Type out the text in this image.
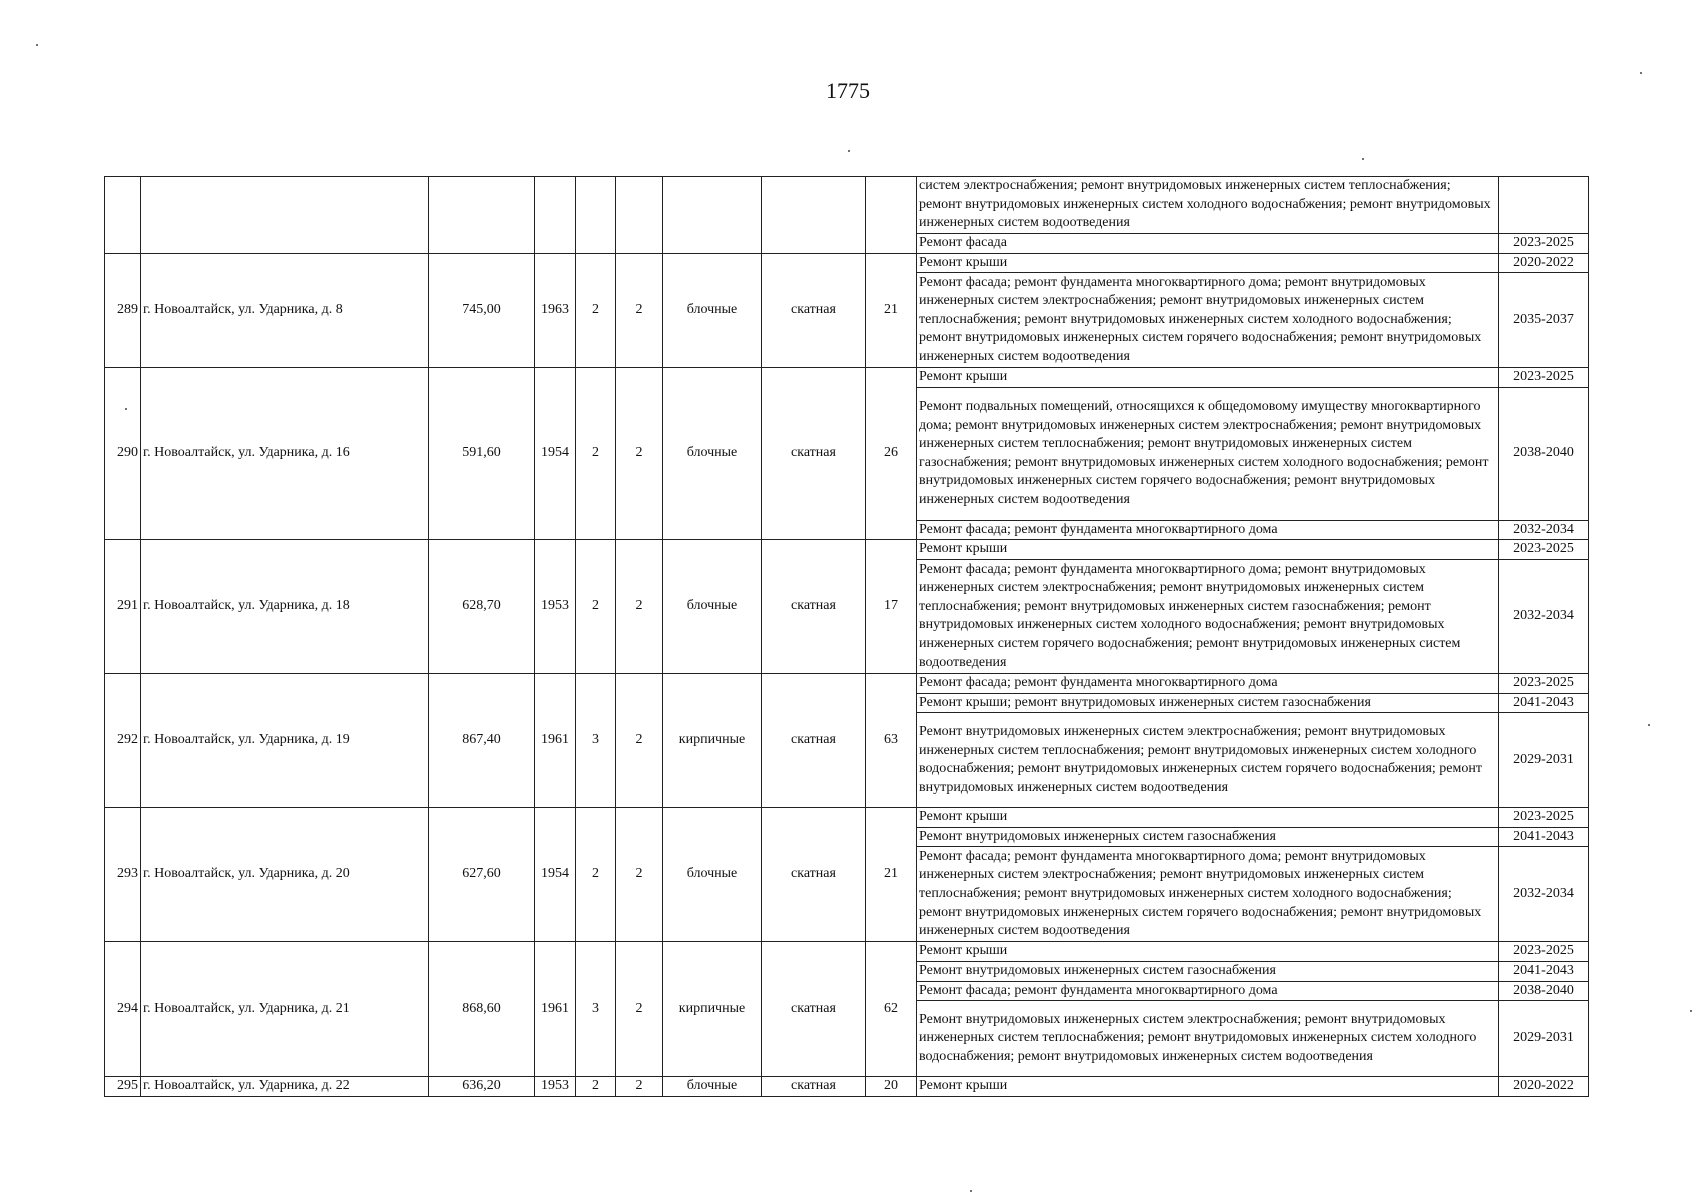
1775
									систем электроснабжения; ремонт внутридомовых инженерных систем теплоснабжения; ремонт внутридомовых инженерных систем холодного водоснабжения; ремонт внутридомовых инженерных систем водоотведения	
									Ремонт фасада	2023-2025
289	г. Новоалтайск, ул. Ударника, д. 8	745,00	1963	2	2	блочные	скатная	21	Ремонт крыши	2020-2022
									Ремонт фасада; ремонт фундамента многоквартирного дома; ремонт внутридомовых инженерных систем электроснабжения; ремонт внутридомовых инженерных систем теплоснабжения; ремонт внутридомовых инженерных систем холодного водоснабжения; ремонт внутридомовых инженерных систем горячего водоснабжения; ремонт внутридомовых инженерных систем водоотведения	2035-2037
290	г. Новоалтайск, ул. Ударника, д. 16	591,60	1954	2	2	блочные	скатная	26	Ремонт крыши	2023-2025
									Ремонт подвальных помещений, относящихся к общедомовому имуществу многоквартирного дома; ремонт внутридомовых инженерных систем электроснабжения; ремонт внутридомовых инженерных систем теплоснабжения; ремонт внутридомовых инженерных систем газоснабжения; ремонт внутридомовых инженерных систем холодного водоснабжения; ремонт внутридомовых инженерных систем горячего водоснабжения; ремонт внутридомовых инженерных систем водоотведения	2038-2040
									Ремонт фасада; ремонт фундамента многоквартирного дома	2032-2034
291	г. Новоалтайск, ул. Ударника, д. 18	628,70	1953	2	2	блочные	скатная	17	Ремонт крыши	2023-2025
									Ремонт фасада; ремонт фундамента многоквартирного дома; ремонт внутридомовых инженерных систем электроснабжения; ремонт внутридомовых инженерных систем теплоснабжения; ремонт внутридомовых инженерных систем газоснабжения; ремонт внутридомовых инженерных систем холодного водоснабжения; ремонт внутридомовых инженерных систем горячего водоснабжения; ремонт внутридомовых инженерных систем водоотведения	2032-2034
292	г. Новоалтайск, ул. Ударника, д. 19	867,40	1961	3	2	кирпичные	скатная	63	Ремонт фасада; ремонт фундамента многоквартирного дома	2023-2025
									Ремонт крыши; ремонт внутридомовых инженерных систем газоснабжения	2041-2043
									Ремонт внутридомовых инженерных систем электроснабжения; ремонт внутридомовых инженерных систем теплоснабжения; ремонт внутридомовых инженерных систем холодного водоснабжения; ремонт внутридомовых инженерных систем горячего водоснабжения; ремонт внутридомовых инженерных систем водоотведения	2029-2031
293	г. Новоалтайск, ул. Ударника, д. 20	627,60	1954	2	2	блочные	скатная	21	Ремонт крыши	2023-2025
									Ремонт внутридомовых инженерных систем газоснабжения	2041-2043
									Ремонт фасада; ремонт фундамента многоквартирного дома; ремонт внутридомовых инженерных систем электроснабжения; ремонт внутридомовых инженерных систем теплоснабжения; ремонт внутридомовых инженерных систем холодного водоснабжения; ремонт внутридомовых инженерных систем горячего водоснабжения; ремонт внутридомовых инженерных систем водоотведения	2032-2034
294	г. Новоалтайск, ул. Ударника, д. 21	868,60	1961	3	2	кирпичные	скатная	62	Ремонт крыши	2023-2025
									Ремонт внутридомовых инженерных систем газоснабжения	2041-2043
									Ремонт фасада; ремонт фундамента многоквартирного дома	2038-2040
									Ремонт внутридомовых инженерных систем электроснабжения; ремонт внутридомовых инженерных систем теплоснабжения; ремонт внутридомовых инженерных систем холодного водоснабжения; ремонт внутридомовых инженерных систем водоотведения	2029-2031
295	г. Новоалтайск, ул. Ударника, д. 22	636,20	1953	2	2	блочные	скатная	20	Ремонт крыши	2020-2022
